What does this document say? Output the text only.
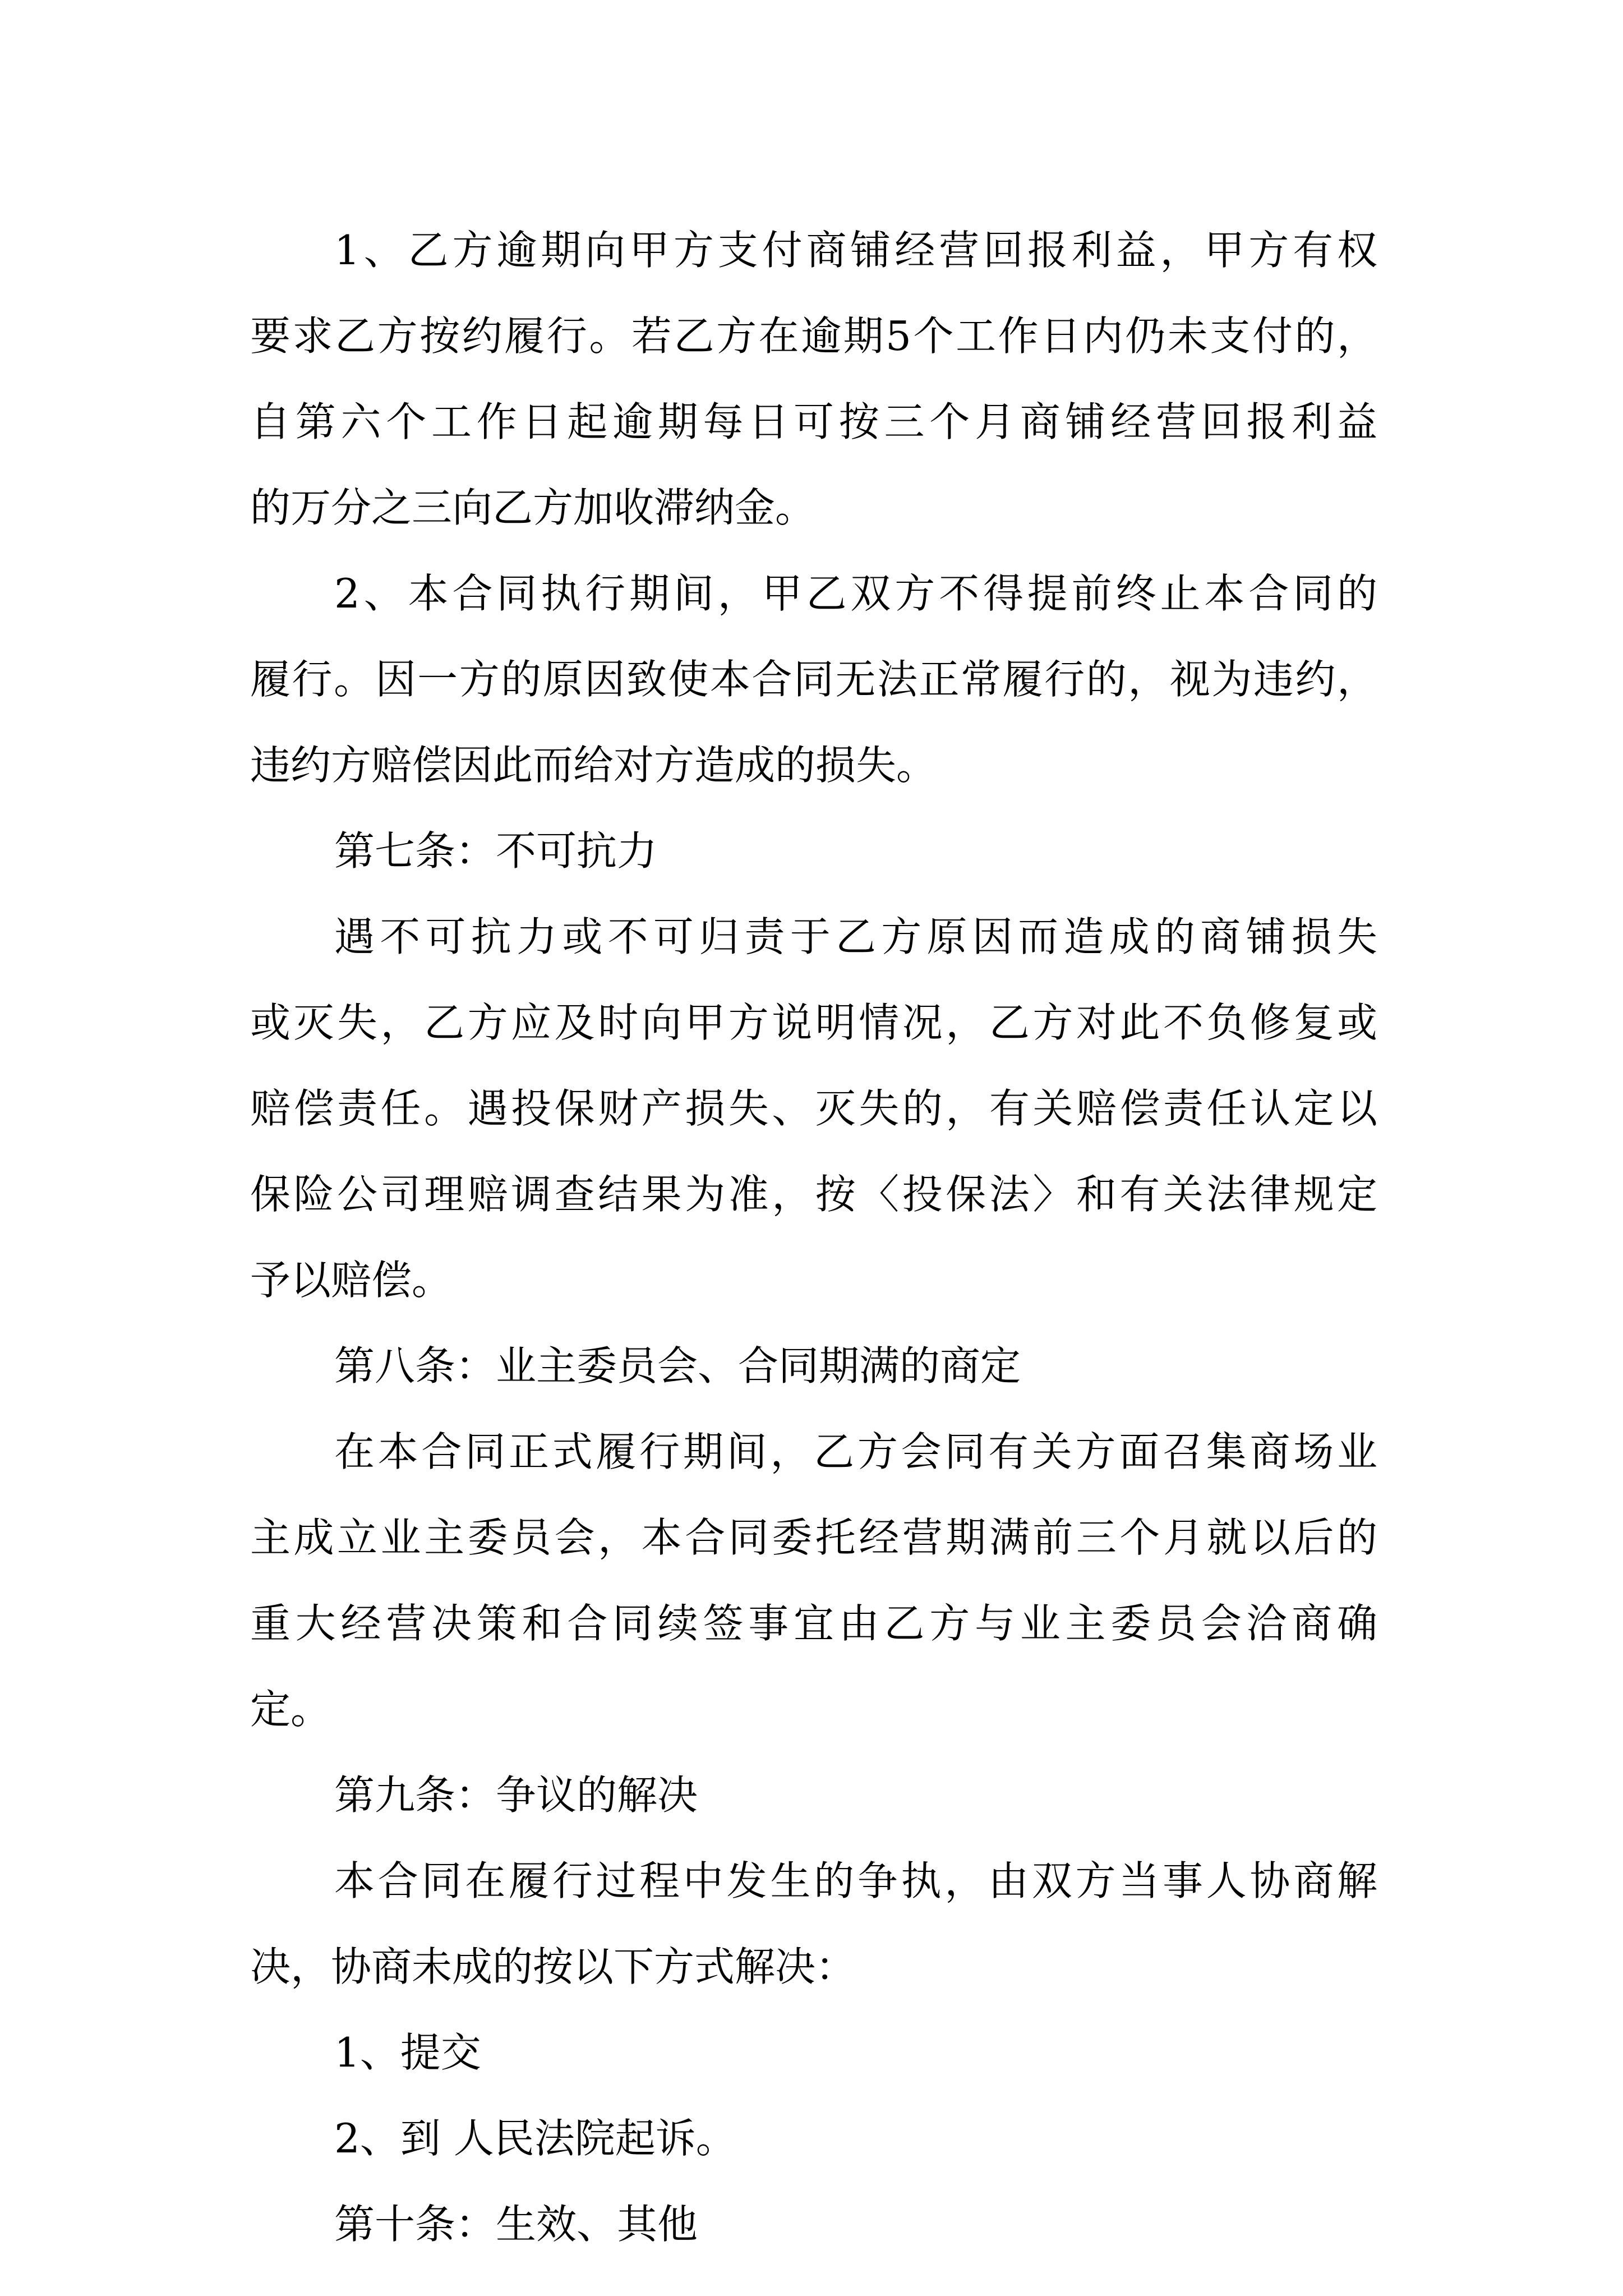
1、乙方逾期向甲方支付商铺经营回报利益，甲方有权
要求乙方按约履行。若乙方在逾期5个工作日内仍未支付的，
自第六个工作日起逾期每日可按三个月商铺经营回报利益
的万分之三向乙方加收滞纳金。
2、本合同执行期间，甲乙双方不得提前终止本合同的
履行。因一方的原因致使本合同无法正常履行的，视为违约，
违约方赔偿因此而给对方造成的损失。
第七条：不可抗力
遇不可抗力或不可归责于乙方原因而造成的商铺损失
或灭失，乙方应及时向甲方说明情况，乙方对此不负修复或
赔偿责任。遇投保财产损失、灭失的，有关赔偿责任认定以
保险公司理赔调查结果为准，按〈投保法〉和有关法律规定
予以赔偿。
第八条：业主委员会、合同期满的商定
在本合同正式履行期间，乙方会同有关方面召集商场业
主成立业主委员会，本合同委托经营期满前三个月就以后的
重大经营决策和合同续签事宜由乙方与业主委员会洽商确
定。
第九条：争议的解决
本合同在履行过程中发生的争执，由双方当事人协商解
决，协商未成的按以下方式解决：
1、提交
2、到 人民法院起诉。
第十条：生效、其他
